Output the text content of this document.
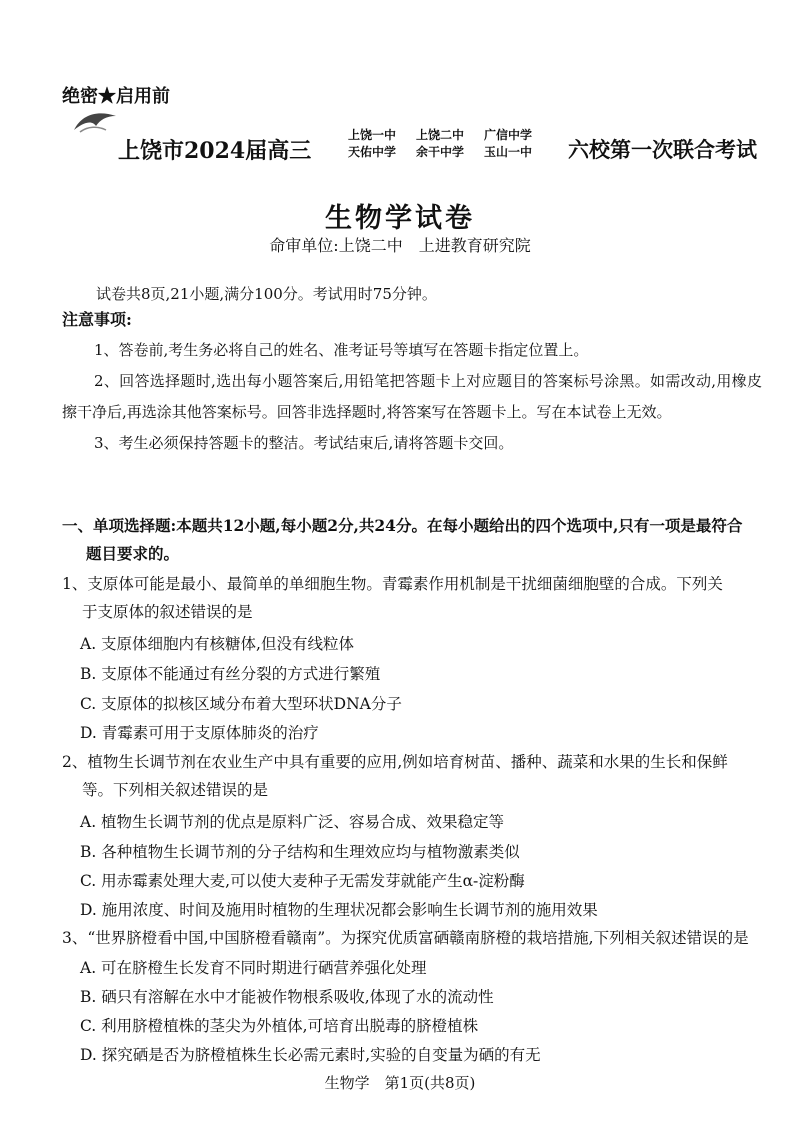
绝密★启用前
上饶市2024届高三
上饶一中	上饶二中	广信中学
天佑中学	余干中学	玉山一中	六校第一次联合考试
生物学试卷
命审单位:上饶二中　上进教育研究院
试卷共8页,21小题,满分100分。考试用时75分钟。
注意事项:

1、答卷前,考生务必将自己的姓名、准考证号等填写在答题卡指定位置上。

2、回答选择题时,选出每小题答案后,用铅笔把答题卡上对应题目的答案标号涂黑。如需改动,用橡皮擦干净后,再选涂其他答案标号。回答非选择题时,将答案写在答题卡上。写在本试卷上无效。

3、考生必须保持答题卡的整洁。考试结束后,请将答题卡交回。

一、单项选择题:本题共12小题,每小题2分,共24分。在每小题给出的四个选项中,只有一项是最符合
题目要求的。
1、支原体可能是最小、最简单的单细胞生物。青霉素作用机制是干扰细菌细胞壁的合成。下列关
于支原体的叙述错误的是
A. 支原体细胞内有核糖体,但没有线粒体
B. 支原体不能通过有丝分裂的方式进行繁殖
C. 支原体的拟核区域分布着大型环状DNA分子
D. 青霉素可用于支原体肺炎的治疗
2、植物生长调节剂在农业生产中具有重要的应用,例如培育树苗、播种、蔬菜和水果的生长和保鲜
等。下列相关叙述错误的是
A. 植物生长调节剂的优点是原料广泛、容易合成、效果稳定等
B. 各种植物生长调节剂的分子结构和生理效应均与植物激素类似
C. 用赤霉素处理大麦,可以使大麦种子无需发芽就能产生α-淀粉酶
D. 施用浓度、时间及施用时植物的生理状况都会影响生长调节剂的施用效果
3、“世界脐橙看中国,中国脐橙看赣南”。为探究优质富硒赣南脐橙的栽培措施,下列相关叙述错误的是
A. 可在脐橙生长发育不同时期进行硒营养强化处理
B. 硒只有溶解在水中才能被作物根系吸收,体现了水的流动性
C. 利用脐橙植株的茎尖为外植体,可培育出脱毒的脐橙植株
D. 探究硒是否为脐橙植株生长必需元素时,实验的自变量为硒的有无
生物学　第1页(共8页)
